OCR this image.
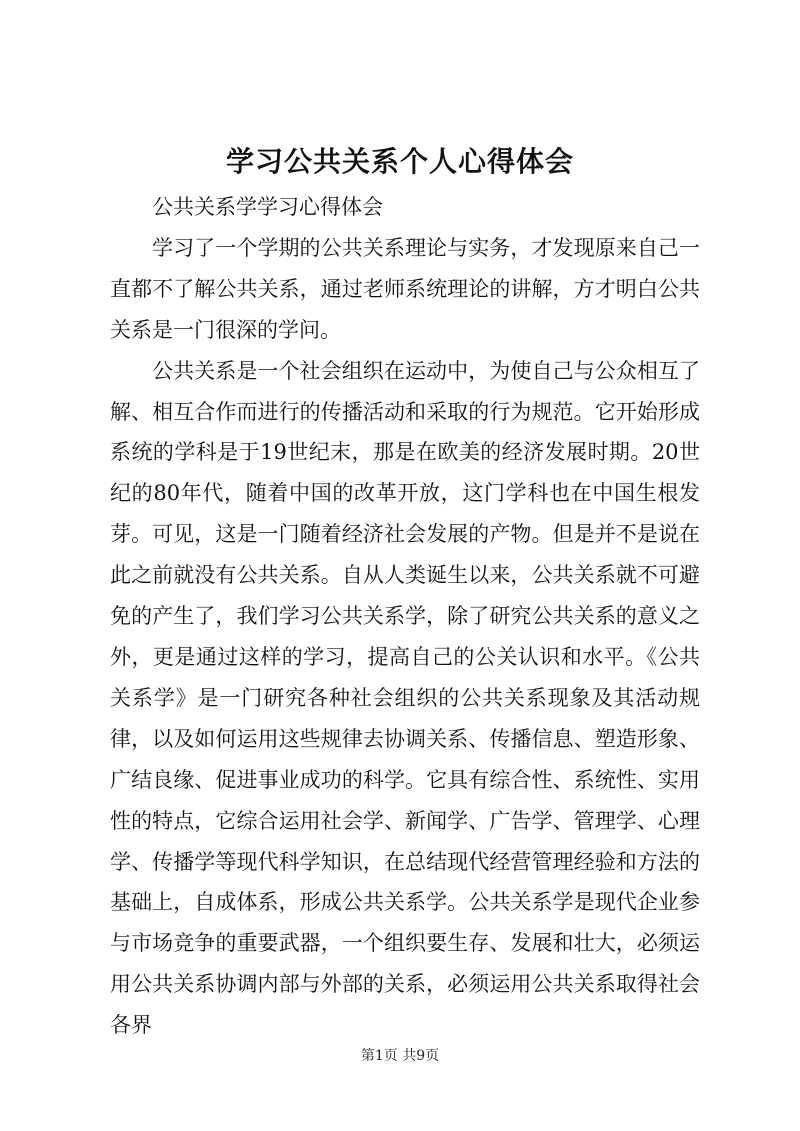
学习公共关系个人心得体会

公共关系学学习心得体会

学习了一个学期的公共关系理论与实务，才发现原来自己一直都不了解公共关系，通过老师系统理论的讲解，方才明白公共关系是一门很深的学问。

公共关系是一个社会组织在运动中，为使自己与公众相互了解、相互合作而进行的传播活动和采取的行为规范。它开始形成系统的学科是于19世纪末，那是在欧美的经济发展时期。20世纪的80年代，随着中国的改革开放，这门学科也在中国生根发芽。可见，这是一门随着经济社会发展的产物。但是并不是说在此之前就没有公共关系。自从人类诞生以来，公共关系就不可避免的产生了，我们学习公共关系学，除了研究公共关系的意义之外，更是通过这样的学习，提高自己的公关认识和水平。《公共关系学》是一门研究各种社会组织的公共关系现象及其活动规律，以及如何运用这些规律去协调关系、传播信息、塑造形象、广结良缘、促进事业成功的科学。它具有综合性、系统性、实用性的特点，它综合运用社会学、新闻学、广告学、管理学、心理学、传播学等现代科学知识，在总结现代经营管理经验和方法的基础上，自成体系，形成公共关系学。公共关系学是现代企业参与市场竞争的重要武器，一个组织要生存、发展和壮大，必须运用公共关系协调内部与外部的关系，必须运用公共关系取得社会各界

第1页 共9页
